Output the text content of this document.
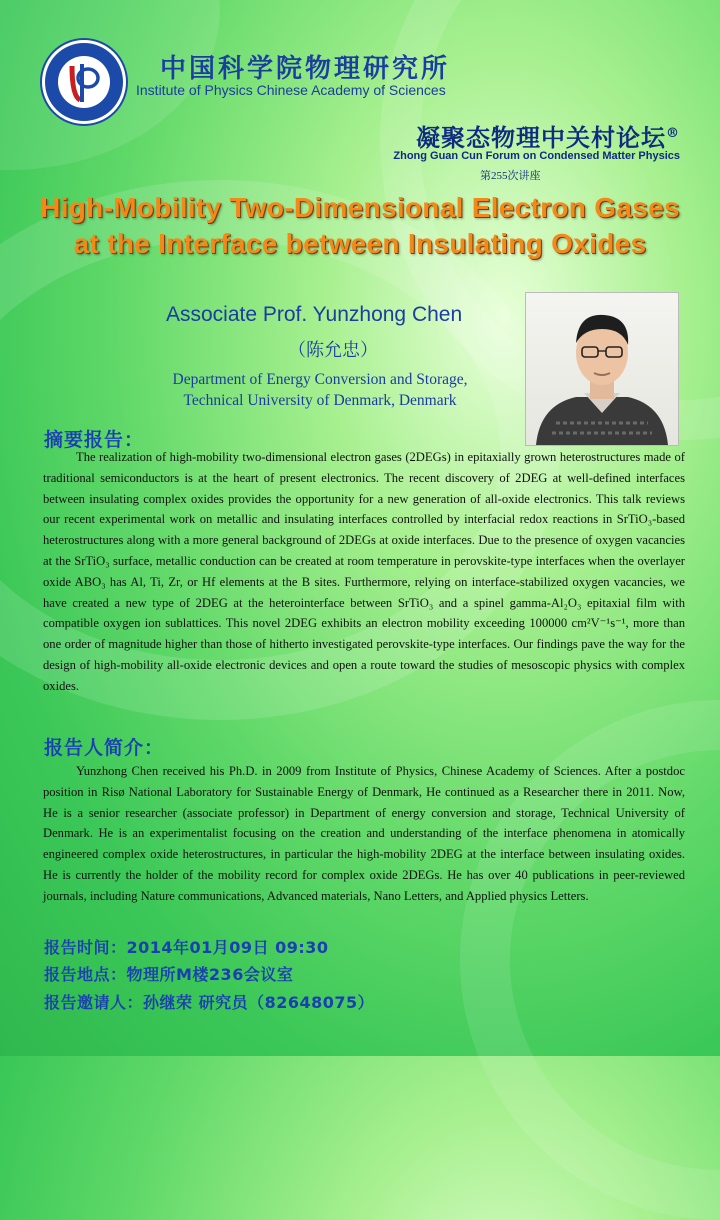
中国科学院物理研究所
Institute of Physics Chinese Academy of Sciences
凝聚态物理中关村论坛®
Zhong Guan Cun Forum on Condensed Matter Physics
第255次讲座
High-Mobility Two-Dimensional Electron Gases
at the Interface between Insulating Oxides
Associate Prof. Yunzhong Chen
（陈允忠）
Department of Energy Conversion and Storage,
Technical University of Denmark, Denmark
摘要报告：
The realization of high-mobility two-dimensional electron gases (2DEGs) in epitaxially grown heterostructures made of traditional semiconductors is at the heart of present electronics. The recent discovery of 2DEG at well-defined interfaces between insulating complex oxides provides the opportunity for a new generation of all-oxide electronics. This talk reviews our recent experimental work on metallic and insulating interfaces controlled by interfacial redox reactions in SrTiO₃-based heterostructures along with a more general background of 2DEGs at oxide interfaces. Due to the presence of oxygen vacancies at the SrTiO₃ surface, metallic conduction can be created at room temperature in perovskite-type interfaces when the overlayer oxide ABO₃ has Al, Ti, Zr, or Hf elements at the B sites. Furthermore, relying on interface-stabilized oxygen vacancies, we have created a new type of 2DEG at the heterointerface between SrTiO₃ and a spinel gamma-Al₂O₃ epitaxial film with compatible oxygen ion sublattices. This novel 2DEG exhibits an electron mobility exceeding 100000 cm²V⁻¹s⁻¹, more than one order of magnitude higher than those of hitherto investigated perovskite-type interfaces. Our findings pave the way for the design of high-mobility all-oxide electronic devices and open a route toward the studies of mesoscopic physics with complex oxides.
报告人简介：
Yunzhong Chen received his Ph.D. in 2009 from Institute of Physics, Chinese Academy of Sciences. After a postdoc position in Risø National Laboratory for Sustainable Energy of Denmark, He continued as a Researcher there in 2011. Now, He is a senior researcher (associate professor) in Department of energy conversion and storage, Technical University of Denmark. He is an experimentalist focusing on the creation and understanding of the interface phenomena in atomically engineered complex oxide heterostructures, in particular the high-mobility 2DEG at the interface between insulating oxides. He is currently the holder of the mobility record for complex oxide 2DEGs. He has over 40 publications in peer-reviewed journals, including Nature communications, Advanced materials, Nano Letters, and Applied physics Letters.
报告时间：2014年01月09日 09:30
报告地点：物理所M楼236会议室
报告邀请人：孙继荣 研究员（82648075）
